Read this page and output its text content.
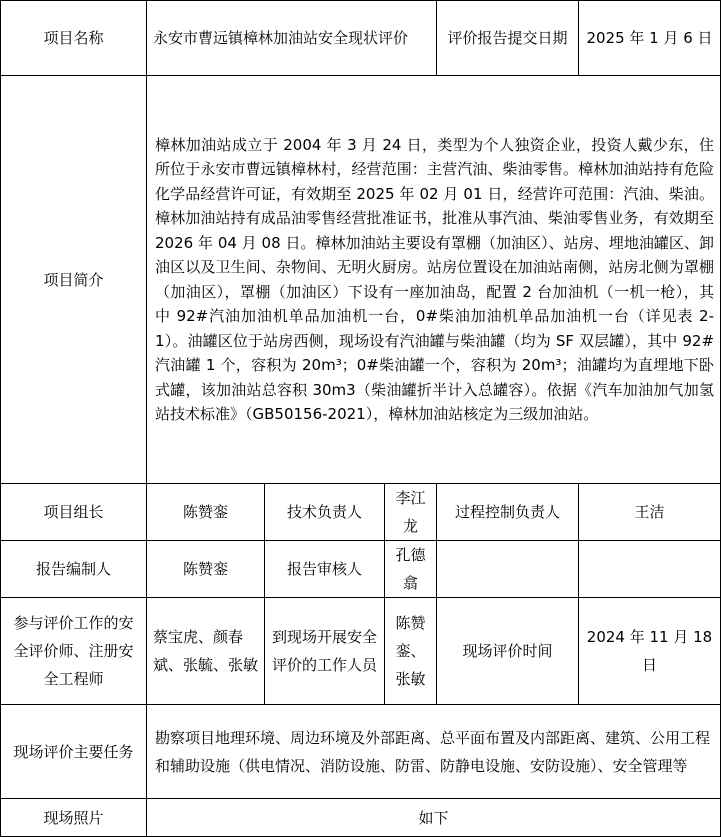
项目名称	永安市曹远镇樟林加油站安全现状评价			评价报告提交日期	2025 年 1 月 6 日
项目简介	樟林加油站成立于 2004 年 3 月 24 日，类型为个人独资企业，投资人戴少东，住所位于永安市曹远镇樟林村，经营范围：主营汽油、柴油零售。樟林加油站持有危险化学品经营许可证，有效期至 2025 年 02 月 01 日，经营许可范围：汽油、柴油。樟林加油站持有成品油零售经营批准证书，批准从事汽油、柴油零售业务，有效期至 2026 年 04 月 08 日。樟林加油站主要设有罩棚（加油区）、站房、埋地油罐区、卸油区以及卫生间、杂物间、无明火厨房。站房位置设在加油站南侧，站房北侧为罩棚（加油区），罩棚（加油区）下设有一座加油岛，配置 2 台加油机（一机一枪），其中 92#汽油加油机单品加油机一台，0#柴油加油机单品加油机一台（详见表 2-1）。油罐区位于站房西侧，现场设有汽油罐与柴油罐（均为 SF 双层罐），其中 92#汽油罐 1 个，容积为 20m³；0#柴油罐一个，容积为 20m³；油罐均为直埋地下卧式罐，该加油站总容积 30m3（柴油罐折半计入总罐容）。依据《汽车加油加气加氢站技术标准》（GB50156-2021），樟林加油站核定为三级加油站。				
项目组长	陈赞銮	技术负责人	李江龙	过程控制负责人	王洁
报告编制人	陈赞銮	报告审核人	孔德翕		
参与评价工作的安全评价师、注册安全工程师	蔡宝虎、颜春斌、张毓、张敏	到现场开展安全评价的工作人员	陈赞銮、张敏	现场评价时间	2024 年 11 月 18 日
现场评价主要任务	勘察项目地理环境、周边环境及外部距离、总平面布置及内部距离、建筑、公用工程和辅助设施（供电情况、消防设施、防雷、防静电设施、安防设施）、安全管理等				
现场照片	如下				
